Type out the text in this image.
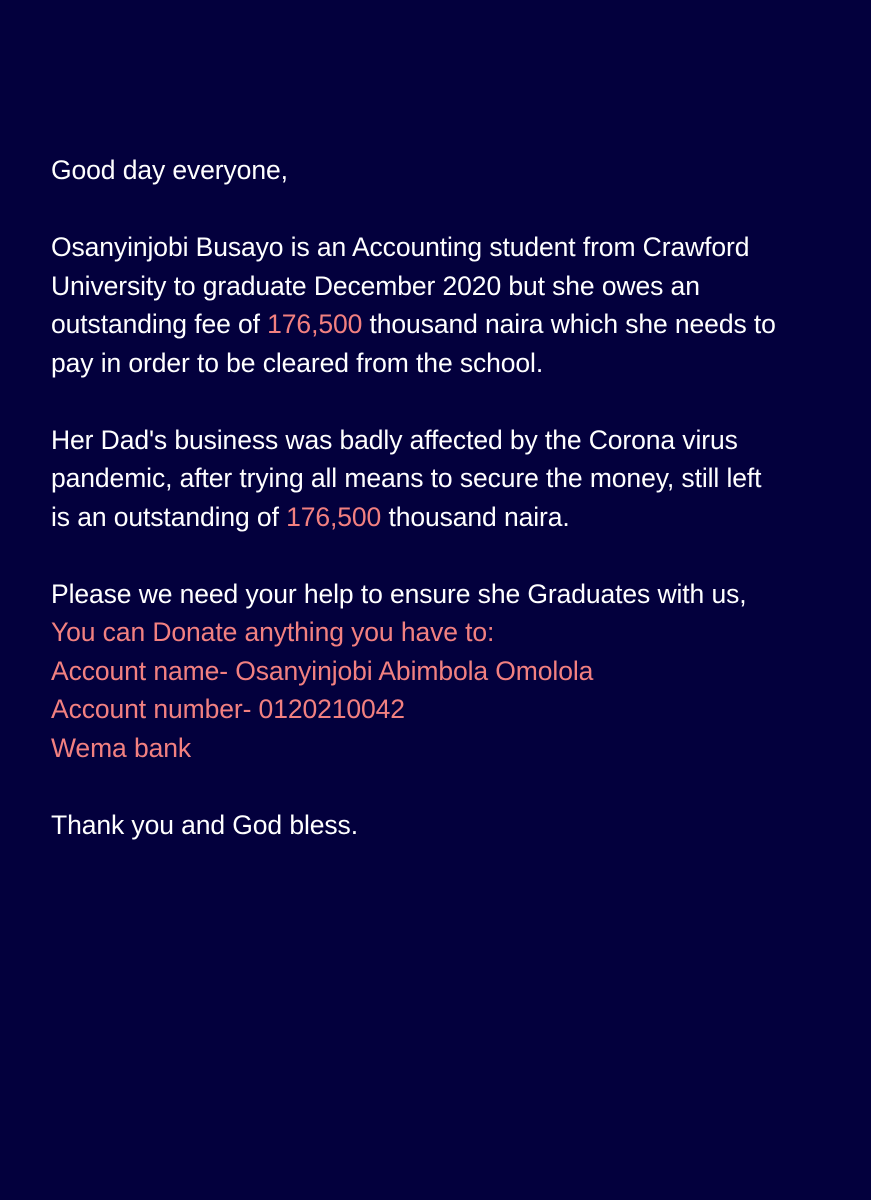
Good day everyone,

Osanyinjobi Busayo is an Accounting student from Crawford
University to graduate December 2020 but she owes an
outstanding fee of 176,500 thousand naira which she needs to
pay in order to be cleared from the school.

Her Dad's business was badly affected by the Corona virus
pandemic, after trying all means to secure the money, still left
is an outstanding of 176,500 thousand naira.

Please we need your help to ensure she Graduates with us,
You can Donate anything you have to:
Account name- Osanyinjobi Abimbola Omolola
Account number- 0120210042
Wema bank

Thank you and God bless.
